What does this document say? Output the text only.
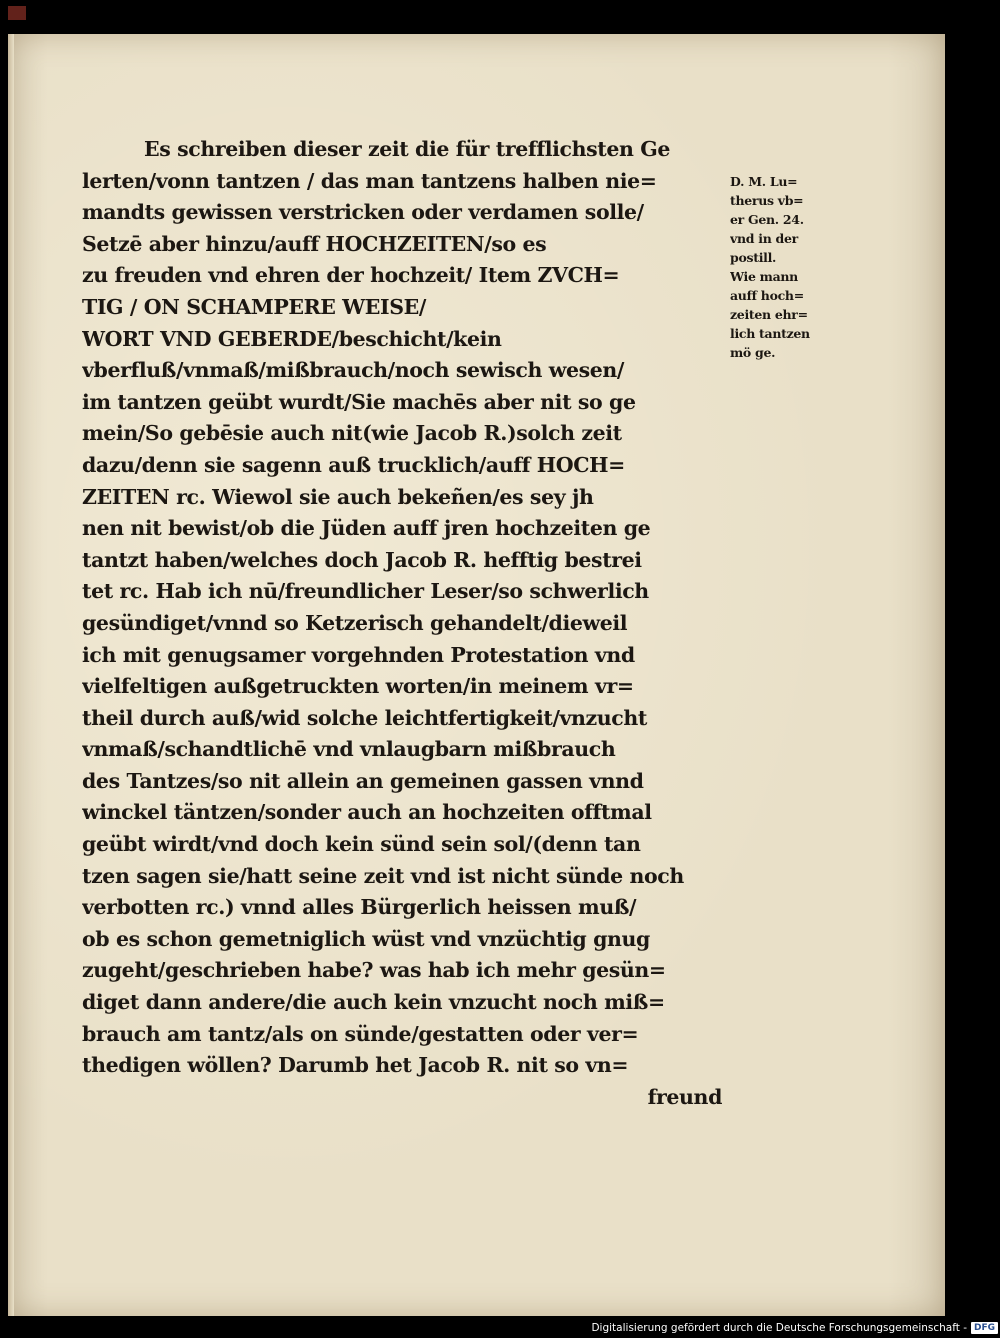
Es schreiben dieser zeit die für trefflichsten Ge
lerten/vonn tantzen / das man tantzens halben nie=
mandts gewissen verstricken oder verdamen solle/
Setzē aber hinzu/auff HOCHZEITEN/so es
zu freuden vnd ehren der hochzeit/ Item ZVCH=
TIG / ON SCHAMPERE WEISE/
WORT VND GEBERDE/beschicht/kein
vberfluß/vnmaß/mißbrauch/noch sewisch wesen/
im tantzen geübt wurdt/Sie machēs aber nit so ge
mein/So gebēsie auch nit(wie Jacob R.)solch zeit
dazu/denn sie sagenn auß trucklich/auff HOCH=
ZEITEN rc. Wiewol sie auch bekeñen/es sey jh
nen nit bewist/ob die Jüden auff jren hochzeiten ge
tantzt haben/welches doch Jacob R. hefftig bestrei
tet rc. Hab ich nū/freundlicher Leser/so schwerlich
gesündiget/vnnd so Ketzerisch gehandelt/dieweil
ich mit genugsamer vorgehnden Protestation vnd
vielfeltigen außgetruckten worten/in meinem vr=
theil durch auß/wid solche leichtfertigkeit/vnzucht
vnmaß/schandtlichē vnd vnlaugbarn mißbrauch
des Tantzes/so nit allein an gemeinen gassen vnnd
winckel täntzen/sonder auch an hochzeiten offtmal
geübt wirdt/vnd doch kein sünd sein sol/(denn tan
tzen sagen sie/hatt seine zeit vnd ist nicht sünde noch
verbotten rc.) vnnd alles Bürgerlich heissen muß/
ob es schon gemetniglich wüst vnd vnzüchtig gnug
zugeht/geschrieben habe? was hab ich mehr gesün=
diget dann andere/die auch kein vnzucht noch miß=
brauch am tantz/als on sünde/gestatten oder ver=
thedigen wöllen? Darumb het Jacob R. nit so vn=
freund
D. M. Lu=
therus vb=
er Gen. 24.
vnd in der
postill.
Wie mann
auff hoch=
zeiten ehr=
lich tantzen
mö ge.
Digitalisierung gefördert durch die Deutsche Forschungsgemeinschaft - DFG
